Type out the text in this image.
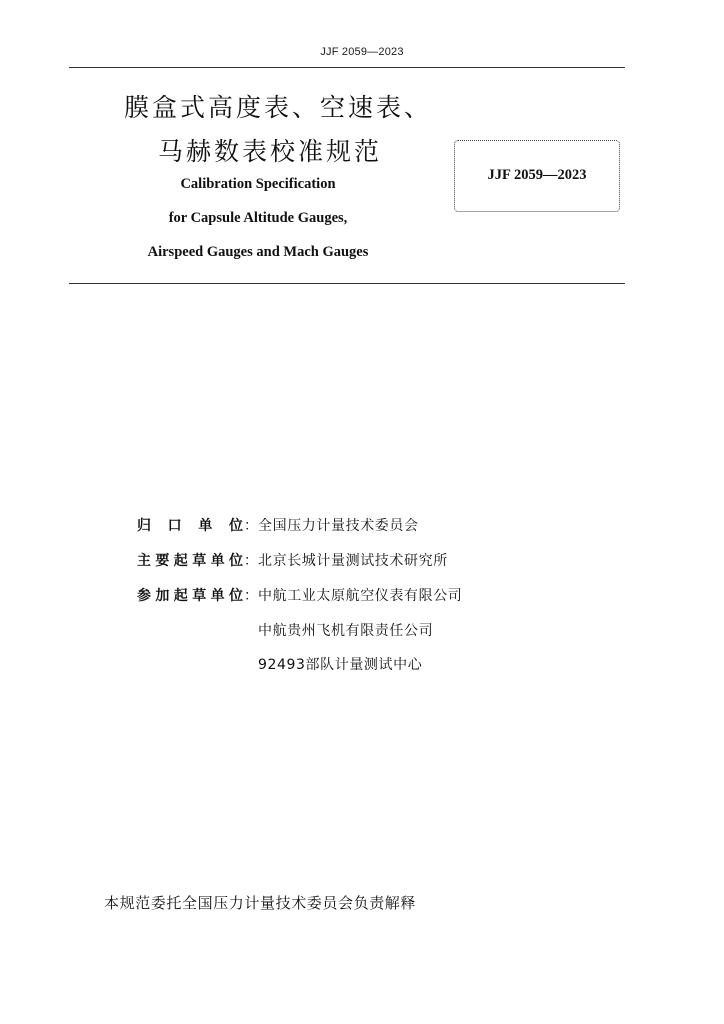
JJF 2059—2023
膜盒式高度表、空速表、
马赫数表校准规范
Calibration Specification
for Capsule Altitude Gauges,
Airspeed Gauges and Mach Gauges
JJF 2059—2023
归口单位 ： 全国压力计量技术委员会
主要起草单位 ： 北京长城计量测试技术研究所
参加起草单位 ： 中航工业太原航空仪表有限公司
中航贵州飞机有限责任公司
92493部队计量测试中心
本规范委托全国压力计量技术委员会负责解释
